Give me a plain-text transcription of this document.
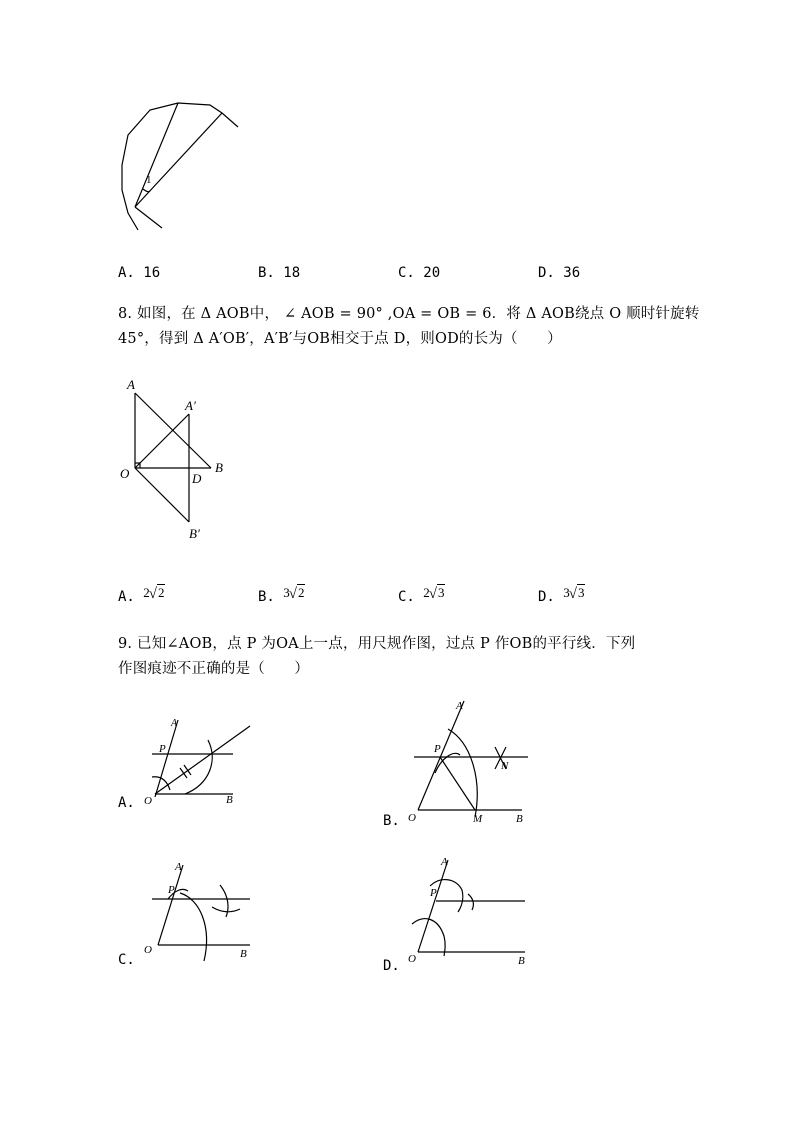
1
A. 16	B. 18	C. 20	D. 36
8. 如图，在 Δ AOB中， ∠ AOB = 90° ,OA = OB = 6．将 Δ AOB绕点 O 顺时针旋转
45°，得到 Δ A′OB′，A′B′与OB相交于点 D，则OD的长为（　　）
A
A′
O	B
D
B′
A. 2√2	B. 3√2	C. 2√3	D. 3√3
9. 已知∠AOB，点 P 为OA上一点，用尺规作图，过点 P 作OB的平行线．下列
作图痕迹不正确的是（　　）
A.
A
P
O	B
B.
A
P
N
O	M	B
C.
A
P
O	B
D.
A
P
O	B
